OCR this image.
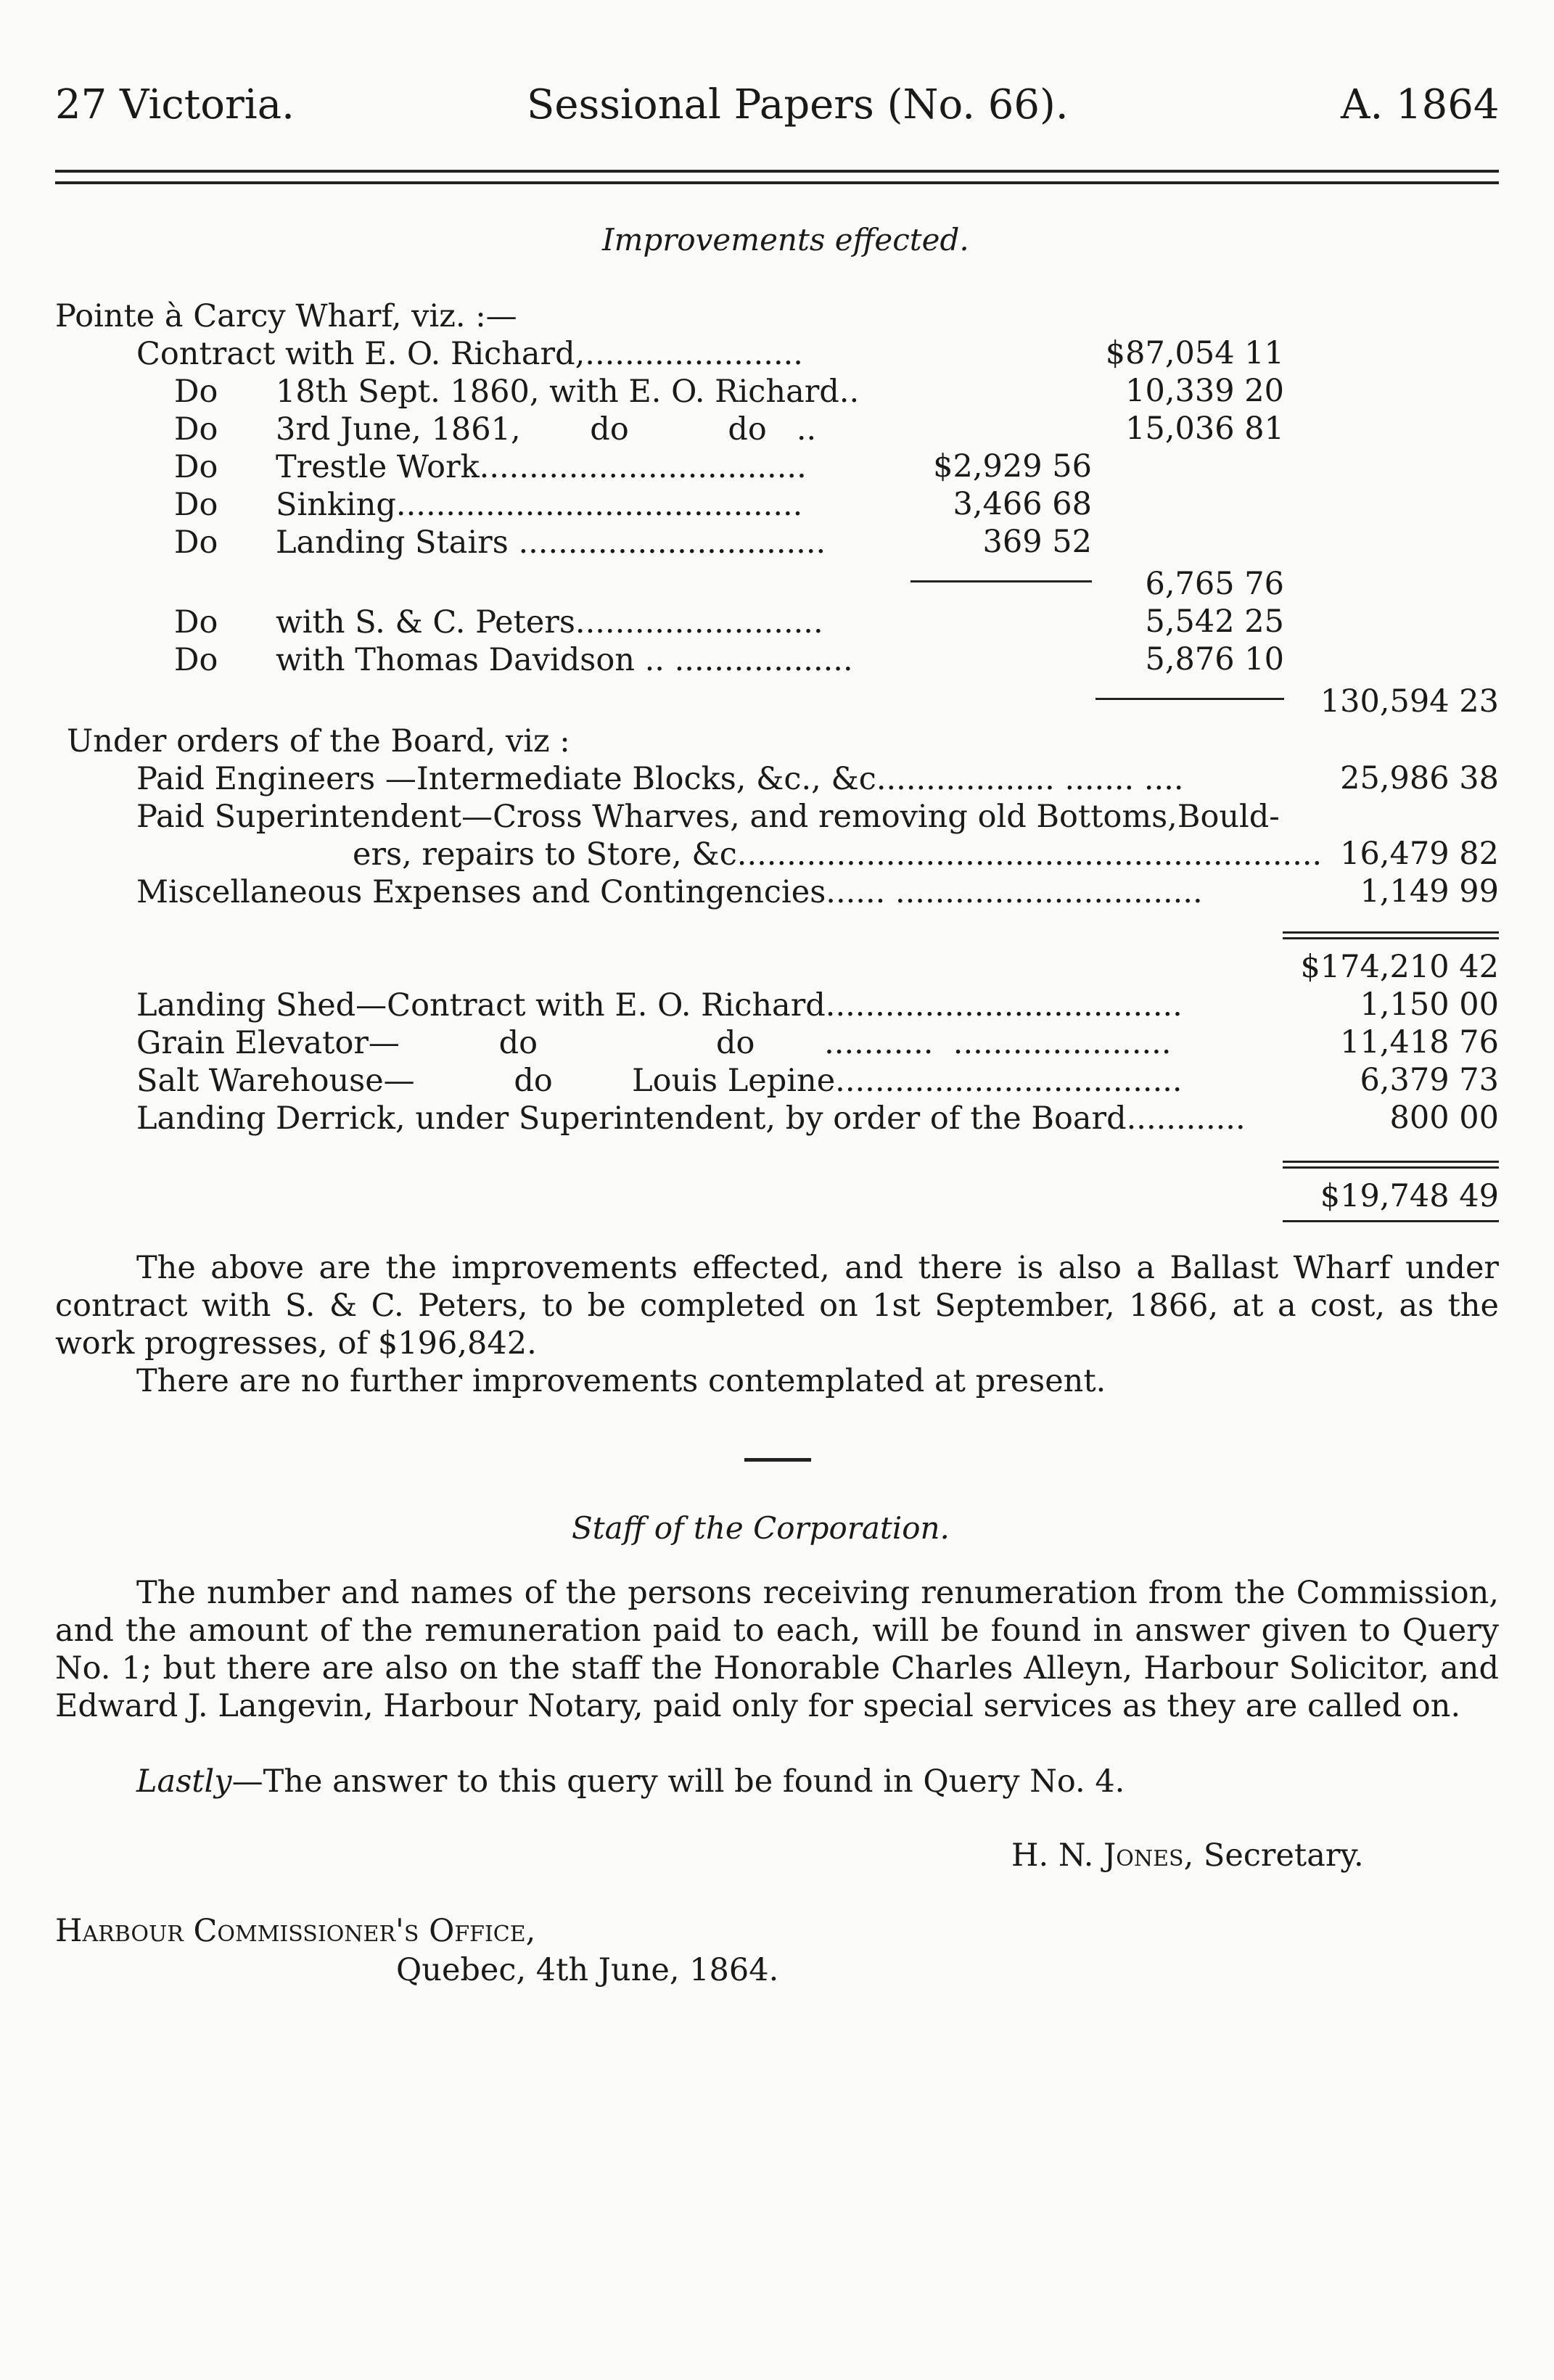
27 Victoria.	Sessional Papers (No. 66).	A. 1864
Improvements effected.
Pointe à Carcy Wharf, viz. :—
Contract with E. O. Richard,......................	$87,054 11
Do 18th Sept. 1860, with E. O. Richard..	10,339 20
Do 3rd June, 1861,       do          do   ..	15,036 81
Do Trestle Work.................................	$2,929 56
Do Sinking.........................................	3,466 68
Do Landing Stairs ...............................	369 52
6,765 76
Do with S. & C. Peters.........................	5,542 25
Do with Thomas Davidson .. ..................	5,876 10
130,594 23
Under orders of the Board, viz :
Paid Engineers —Intermediate Blocks, &c., &c.................. ....... ....	25,986 38
Paid Superintendent—Cross Wharves, and removing old Bottoms,Bould-
ers, repairs to Store, &c........................................................... 16,479 82
Miscellaneous Expenses and Contingencies...... ...............................	1,149 99
$174,210 42
Landing Shed—Contract with E. O. Richard....................................	1,150 00
Grain Elevator—          do                  do       ...........  ......................	11,418 76
Salt Warehouse—          do        Louis Lepine...................................	6,379 73
Landing Derrick, under Superintendent, by order of the Board............	800 00
$19,748 49
The above are the improvements effected, and there is also a Ballast Wharf under contract with S. & C. Peters, to be completed on 1st September, 1866, at a cost, as the work progresses, of $196,842.
There are no further improvements contemplated at present.
Staff of the Corporation.
The number and names of the persons receiving renumeration from the Commission, and the amount of the remuneration paid to each, will be found in answer given to Query No. 1; but there are also on the staff the Honorable Charles Alleyn, Harbour Solicitor, and Edward J. Langevin, Harbour Notary, paid only for special services as they are called on.
Lastly—The answer to this query will be found in Query No. 4.
H. N. Jones, Secretary.
Harbour Commissioner's Office,
Quebec, 4th June, 1864.
